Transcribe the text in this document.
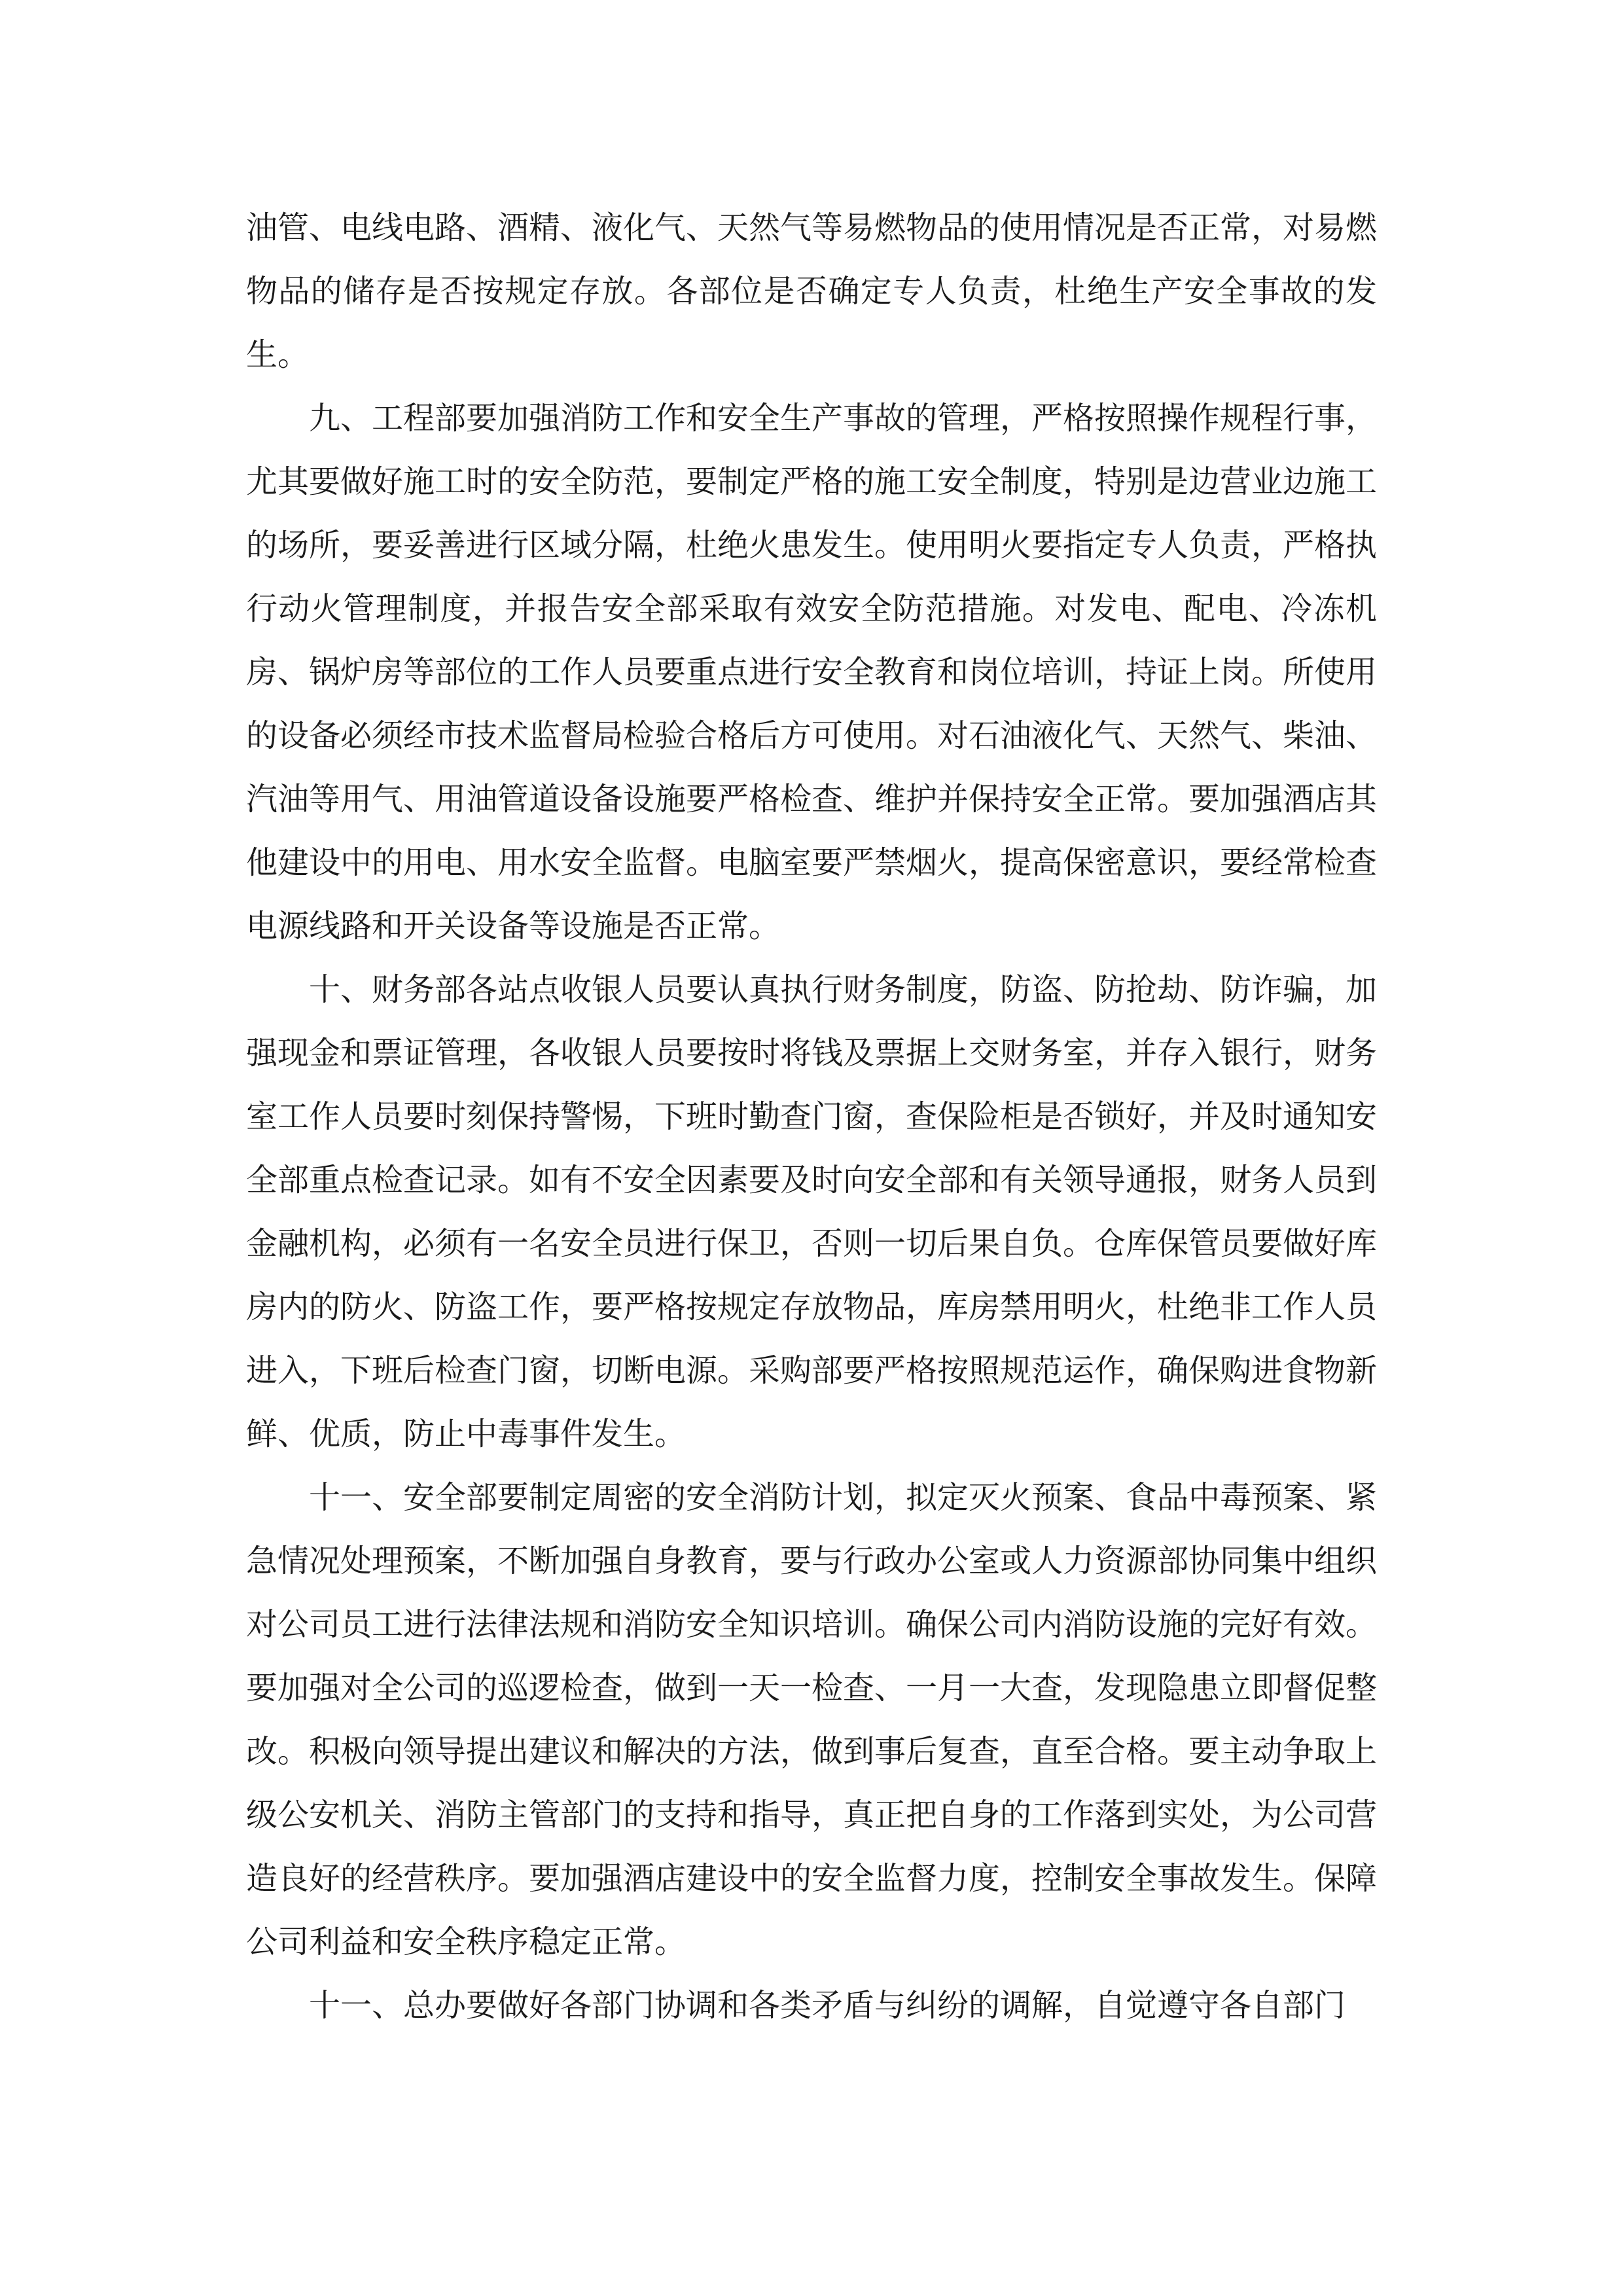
油管、电线电路、酒精、液化气、天然气等易燃物品的使用情况是否正常，对易燃物品的储存是否按规定存放。各部位是否确定专人负责，杜绝生产安全事故的发生。

九、工程部要加强消防工作和安全生产事故的管理，严格按照操作规程行事，尤其要做好施工时的安全防范，要制定严格的施工安全制度，特别是边营业边施工的场所，要妥善进行区域分隔，杜绝火患发生。使用明火要指定专人负责，严格执行动火管理制度，并报告安全部采取有效安全防范措施。对发电、配电、冷冻机房、锅炉房等部位的工作人员要重点进行安全教育和岗位培训，持证上岗。所使用的设备必须经市技术监督局检验合格后方可使用。对石油液化气、天然气、柴油、汽油等用气、用油管道设备设施要严格检查、维护并保持安全正常。要加强酒店其他建设中的用电、用水安全监督。电脑室要严禁烟火，提高保密意识，要经常检查电源线路和开关设备等设施是否正常。

十、财务部各站点收银人员要认真执行财务制度，防盗、防抢劫、防诈骗，加强现金和票证管理，各收银人员要按时将钱及票据上交财务室，并存入银行，财务室工作人员要时刻保持警惕，下班时勤查门窗，查保险柜是否锁好，并及时通知安全部重点检查记录。如有不安全因素要及时向安全部和有关领导通报，财务人员到金融机构，必须有一名安全员进行保卫，否则一切后果自负。仓库保管员要做好库房内的防火、防盗工作，要严格按规定存放物品，库房禁用明火，杜绝非工作人员进入，下班后检查门窗，切断电源。采购部要严格按照规范运作，确保购进食物新鲜、优质，防止中毒事件发生。

十一、安全部要制定周密的安全消防计划，拟定灭火预案、食品中毒预案、紧急情况处理预案，不断加强自身教育，要与行政办公室或人力资源部协同集中组织对公司员工进行法律法规和消防安全知识培训。确保公司内消防设施的完好有效。要加强对全公司的巡逻检查，做到一天一检查、一月一大查，发现隐患立即督促整改。积极向领导提出建议和解决的方法，做到事后复查，直至合格。要主动争取上级公安机关、消防主管部门的支持和指导，真正把自身的工作落到实处，为公司营造良好的经营秩序。要加强酒店建设中的安全监督力度，控制安全事故发生。保障公司利益和安全秩序稳定正常。

十一、总办要做好各部门协调和各类矛盾与纠纷的调解，自觉遵守各自部门
